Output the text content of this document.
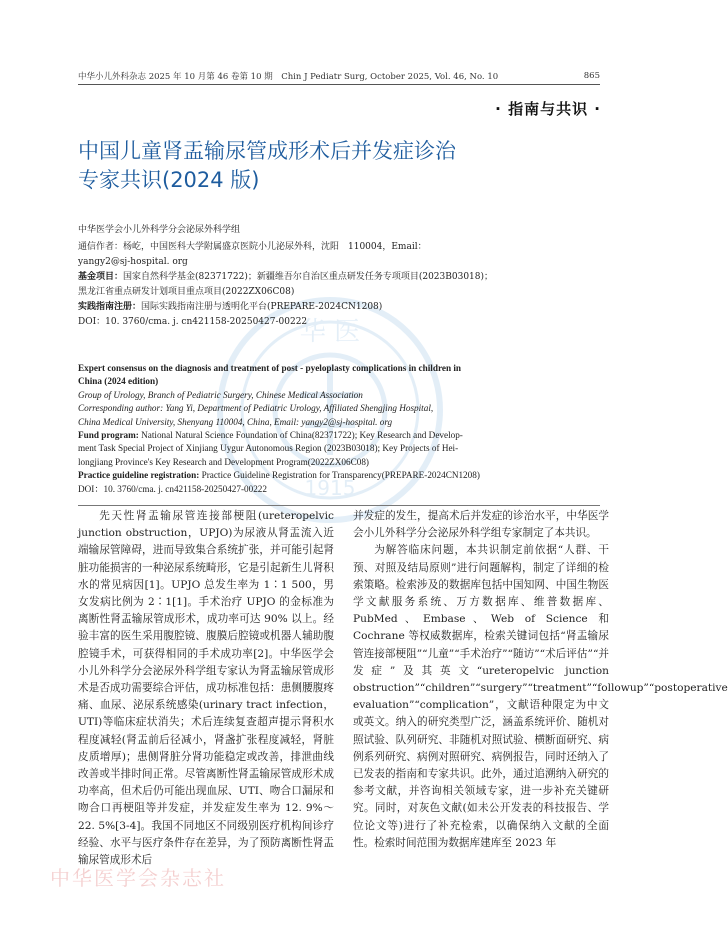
华 医
1915
中华小儿外科杂志 2025 年 10 月第 46 卷第 10 期　Chin J Pediatr Surg, October 2025, Vol. 46, No. 10	865
· 指南与共识 ·
中国儿童肾盂输尿管成形术后并发症诊治
专家共识(2024 版)

中华医学会小儿外科学分会泌尿外科学组

通信作者：杨屹，中国医科大学附属盛京医院小儿泌尿外科，沈阳　110004，Email：

yangy2@sj-hospital. org

基金项目：国家自然科学基金(82371722)；新疆维吾尔自治区重点研发任务专项项目(2023B03018)；

黑龙江省重点研发计划项目重点项目(2022ZX06C08)

实践指南注册：国际实践指南注册与透明化平台(PREPARE-2024CN1208)

DOI：10. 3760/cma. j. cn421158-20250427-00222

Expert consensus on the diagnosis and treatment of post - pyeloplasty complications in children in

China (2024 edition)

Group of Urology, Branch of Pediatric Surgery, Chinese Medical Association

Corresponding author: Yang Yi, Department of Pediatric Urology, Affiliated Shengjing Hospital,

China Medical University, Shenyang 110004, China, Email: yangy2@sj-hospital. org

Fund program: National Natural Science Foundation of China(82371722); Key Research and Develop-

ment Task Special Project of Xinjiang Uygur Autonomous Region (2023B03018); Key Projects of Hei-

longjiang Province's Key Research and Development Program(2022ZX06C08)

Practice guideline registration: Practice Guideline Registration for Transparency(PREPARE-2024CN1208)

DOI：10. 3760/cma. j. cn421158-20250427-00222

先天性肾盂输尿管连接部梗阻(ureteropelvic junction obstruction，UPJO)为尿液从肾盂流入近端输尿管障碍，进而导致集合系统扩张，并可能引起肾脏功能损害的一种泌尿系统畸形，它是引起新生儿肾积水的常见病因[1]。UPJO 总发生率为 1∶1 500，男女发病比例为 2∶1[1]。手术治疗 UPJO 的金标准为离断性肾盂输尿管成形术，成功率可达 90% 以上。经验丰富的医生采用腹腔镜、腹膜后腔镜或机器人辅助腹腔镜手术，可获得相同的手术成功率[2]。中华医学会小儿外科学分会泌尿外科学组专家认为肾盂输尿管成形术是否成功需要综合评估，成功标准包括：患侧腰腹疼痛、血尿、泌尿系统感染(urinary tract infection，UTI)等临床症状消失；术后连续复查超声提示肾积水程度减轻(肾盂前后径减小，肾盏扩张程度减轻，肾脏皮质增厚)；患侧肾脏分肾功能稳定或改善，排泄曲线改善或半排时间正常。尽管离断性肾盂输尿管成形术成功率高，但术后仍可能出现血尿、UTI、吻合口漏尿和吻合口再梗阻等并发症，并发症发生率为 12. 9%～22. 5%[3-4]。我国不同地区不同级别医疗机构间诊疗经验、水平与医疗条件存在差异，为了预防离断性肾盂输尿管成形术后

并发症的发生，提高术后并发症的诊治水平，中华医学会小儿外科学分会泌尿外科学组专家制定了本共识。

为解答临床问题，本共识制定前依据“人群、干预、对照及结局原则”进行问题解构，制定了详细的检索策略。检索涉及的数据库包括中国知网、中国生物医学文献服务系统、万方数据库、维普数据库、PubMed、Embase、Web of Science 和 Cochrane 等权威数据库，检索关键词包括“肾盂输尿管连接部梗阻”“儿童”“手术治疗”“随访”“术后评估”“并发症”及其英文“ureteropelvic junction obstruction”“children”“surgery”“treatment”“followup”“postoperative evaluation”“complication”，文献语种限定为中文或英文。纳入的研究类型广泛，涵盖系统评价、随机对照试验、队列研究、非随机对照试验、横断面研究、病例系列研究、病例对照研究、病例报告，同时还纳入了已发表的指南和专家共识。此外，通过追溯纳入研究的参考文献，并咨询相关领域专家，进一步补充关键研究。同时，对灰色文献(如未公开发表的科技报告、学位论文等)进行了补充检索，以确保纳入文献的全面性。检索时间范围为数据库建库至 2023 年

中华医学会杂志社
